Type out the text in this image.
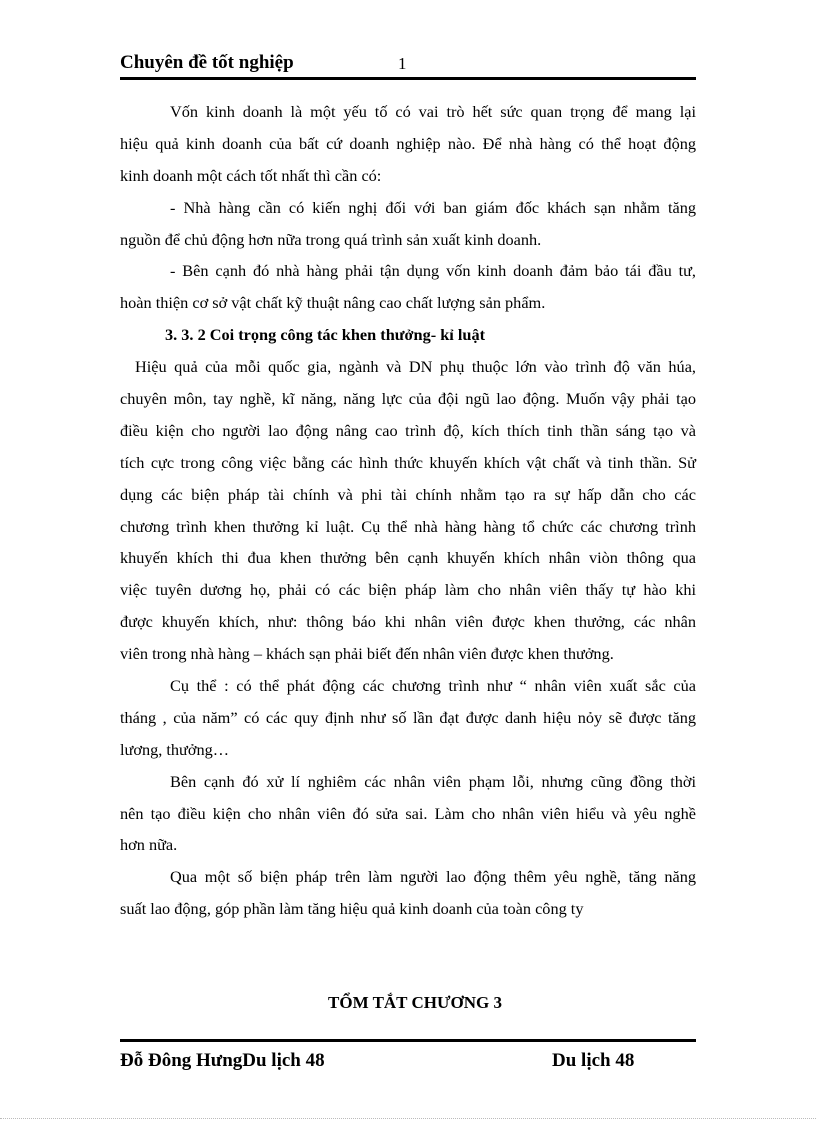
Chuyên đề tốt nghiệp	1
Vốn kinh doanh là một yếu tố có vai trò hết sức quan trọng để mang lại
hiệu quả kinh doanh của bất cứ doanh nghiệp nào. Để nhà hàng có thể hoạt động
kinh doanh một cách tốt nhất thì cần có:
- Nhà hàng cần có kiến nghị đối với ban giám đốc khách sạn nhằm tăng
nguồn để chủ động hơn nữa trong quá trình sản xuất kinh doanh.
- Bên cạnh đó nhà hàng phải tận dụng vốn kinh doanh đảm bảo tái đầu tư,
hoàn thiện cơ sở vật chất kỹ thuật nâng cao chất lượng sản phẩm.
3. 3. 2 Coi trọng công tác khen thưởng- kỉ luật
Hiệu quả của mỗi quốc gia, ngành và DN phụ thuộc lớn vào trình độ văn húa,
chuyên môn, tay nghề, kĩ năng, năng lực của đội ngũ lao động. Muốn vậy phải tạo
điều kiện cho người lao động nâng cao trình độ, kích thích tinh thần sáng tạo và
tích cực trong công việc bằng các hình thức khuyến khích vật chất và tinh thần. Sử
dụng các biện pháp tài chính và phi tài chính nhằm tạo ra sự hấp dẫn cho các
chương trình khen thưởng kỉ luật. Cụ thể nhà hàng hàng tổ chức các chương trình
khuyến khích thi đua khen thưởng bên cạnh khuyến khích nhân viòn thông qua
việc tuyên dương họ, phải có các biện pháp làm cho nhân viên thấy tự hào khi
được khuyến khích, như: thông báo khi nhân viên được khen thưởng, các nhân
viên trong nhà hàng – khách sạn phải biết đến nhân viên được khen thưởng.
Cụ thể : có thể phát động các chương trình như “ nhân viên xuất sắc của
tháng , của năm” có các quy định như số lần đạt được danh hiệu nỏy sẽ được tăng
lương, thưởng…
Bên cạnh đó xử lí nghiêm các nhân viên phạm lỗi, nhưng cũng đồng thời
nên tạo điều kiện cho nhân viên đó sửa sai. Làm cho nhân viên hiểu và yêu nghề
hơn nữa.
Qua một số biện pháp trên làm người lao động thêm yêu nghề, tăng năng
suất lao động, góp phần làm tăng hiệu quả kinh doanh của toàn công ty
TỔM TẮT CHƯƠNG 3
Đỗ Đông HưngDu lịch 48	Du lịch 48
